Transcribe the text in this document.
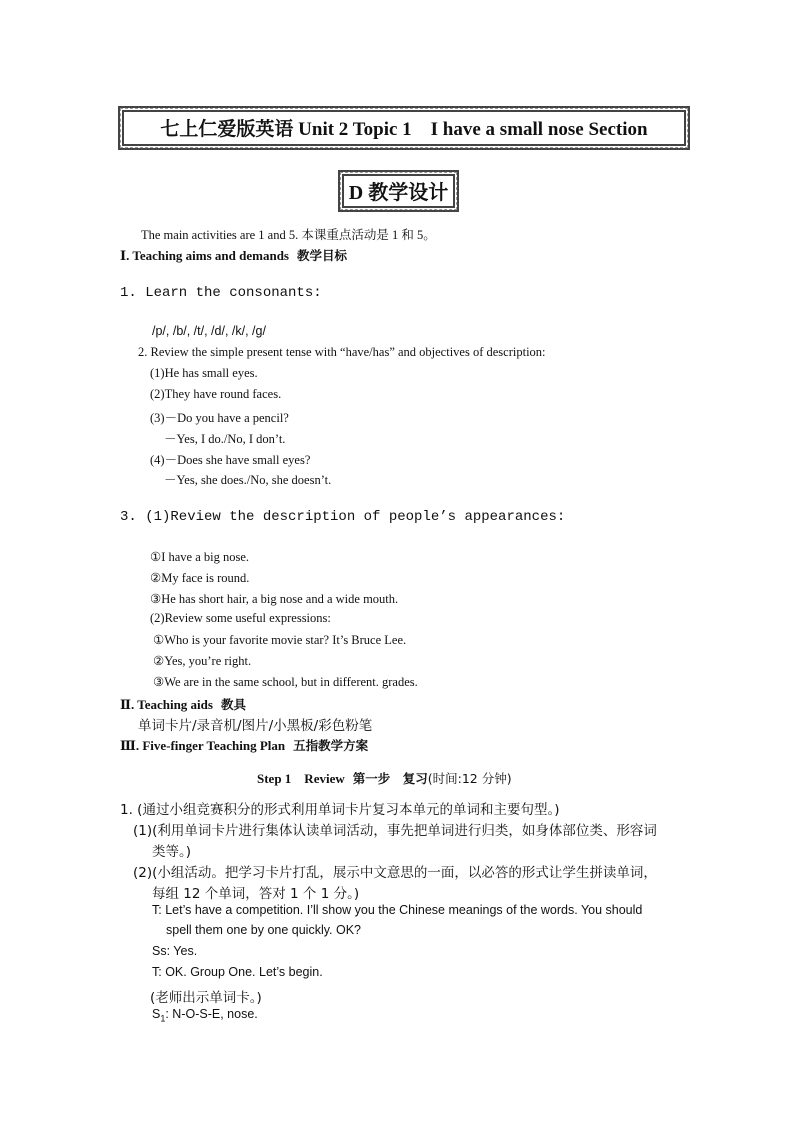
七上仁爱版英语 Unit 2 Topic 1　I have a small nose Section
D 教学设计
The main activities are 1 and 5. 本课重点活动是 1 和 5。
Ⅰ. Teaching aims and demands 教学目标
1. Learn the consonants:
/p/, /b/, /t/, /d/, /k/, /g/
2. Review the simple present tense with “have/has” and objectives of description:
(1)He has small eyes.
(2)They have round faces.
(3)－Do you have a pencil?
－Yes, I do./No, I don’t.
(4)－Does she have small eyes?
－Yes, she does./No, she doesn’t.
3. (1)Review the description of people’s appearances:
①I have a big nose.
②My face is round.
③He has short hair, a big nose and a wide mouth.
(2)Review some useful expressions:
①Who is your favorite movie star? It’s Bruce Lee.
②Yes, you’re right.
③We are in the same school, but in different. grades.
Ⅱ. Teaching aids 教具
单词卡片/录音机/图片/小黑板/彩色粉笔
Ⅲ. Five-finger Teaching Plan 五指教学方案
Step 1　Review 第一步　复习(时间:12 分钟)
1. (通过小组竞赛积分的形式利用单词卡片复习本单元的单词和主要句型。)
(1)(利用单词卡片进行集体认读单词活动，事先把单词进行归类，如身体部位类、形容词
类等。)
(2)(小组活动。把学习卡片打乱，展示中文意思的一面，以必答的形式让学生拼读单词，
每组 12 个单词，答对 1 个 1 分。)
T: Let’s have a competition. I’ll show you the Chinese meanings of the words. You should
spell them one by one quickly. OK?
Ss: Yes.
T: OK. Group One. Let’s begin.
(老师出示单词卡。)
$S_1$: N-O-S-E, nose.
